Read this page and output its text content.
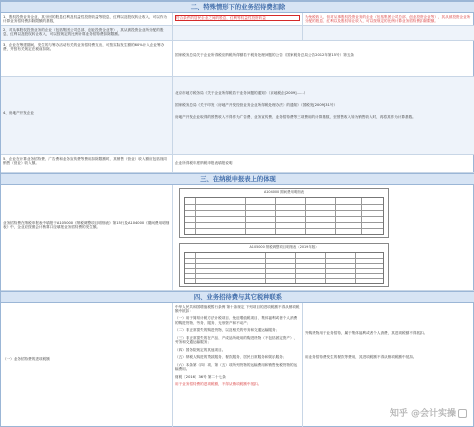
二、特殊情形下的业务招待费扣除
1、股权投资业务企业，其分回的股息红利及权益性投资收益等股息、红利以及股权转让收入，可以作为计算业务招待费扣除限额的基数，
符合条件的居民企业之间的股息、红利等权益性投资收益	为免税收入，但对从事股权投资业务的企业（包括集团公司总部、创业投资企业等），其从被投资企业所分配的股息、红利以及股权转让收入，可以按规定的比例计算业务招待费扣除限额。
2、对从事股权投资业务的企业（包括集团公司总部、创业投资企业等），其从被投资企业所分配的股息、红利以及股权转让收入，可以按规定的比例计算业务招待费扣除限额。
3、企业在筹建期间，发生的与筹办活动有关的业务招待费支出，可按实际发生额的60%计入企业筹办费，并按有关规定在税前扣除。
国家税务总局关于企业所得税应纳税所得额若干税务处理问题的公告（国家税务总局公告2012年第15号）第五条
4、房地产开发企业
北京市地方税务局《关于企业所得税若干业务问题的通知》（京地税企[2009]……）
国家税务总局《关于印发〈房地产开发经营业务企业所得税处理办法〉的通知》（国税发[2009]31号）
房地产开发企业取得的预售收入不得作为广告费、业务宣传费、业务招待费等三项费用的计算基数，至预售收入转为销售收入时，再将其作为计算基数。
5、企业在计算业务招待费、广告费和业务宣传费等费用扣除限额时，其销售（营业）收入额应包括视同销售（营业）收入额。	企业所得税年度纳税申报表填报说明
三、在纳税申报表上的体现
业务招待费在纳税申报表中填报于A105000《纳税调整项目明细表》第15行及A104000《期间费用明细表》中，企业应按照会计核算口径填报业务招待费的发生额。
A104000 期间费用明细表
A105000 纳税调整项目明细表（2019年版）
四、业务招待费与其它税种联系
（一）业务招待费的进项税额
中华人民共和国增值税暂行条例 第十条规定 下列项目的进项税额不得从销项税额中抵扣：
（一）用于简易计税方法计税项目、免征增值税项目、集体福利或者个人消费的购进货物、劳务、服务、无形资产和不动产；
（二）非正常损失的购进货物，以及相关的劳务和交通运输服务；
（三）非正常损失的在产品、产成品所耗用的购进货物（不包括固定资产）、劳务和交通运输服务；
（四）国务院规定的其他项目。
（五）纳税人购进的贷款服务、餐饮服务、居民日常服务和娱乐服务；
（六）本条第（四）项、第（五）项所列货物的运输费用和销售免税货物的运输费用。
财税〔2016〕36号 第二十七条
用于业务招待费的进项税额，不得从销项税额中抵扣。
外购货物用于业务招待，属于集体福利或者个人消费，其进项税额不得抵扣。
用业务招待费发生的餐饮等费用，其进项税额不得从销项税额中抵扣。
知乎 @会计实操
